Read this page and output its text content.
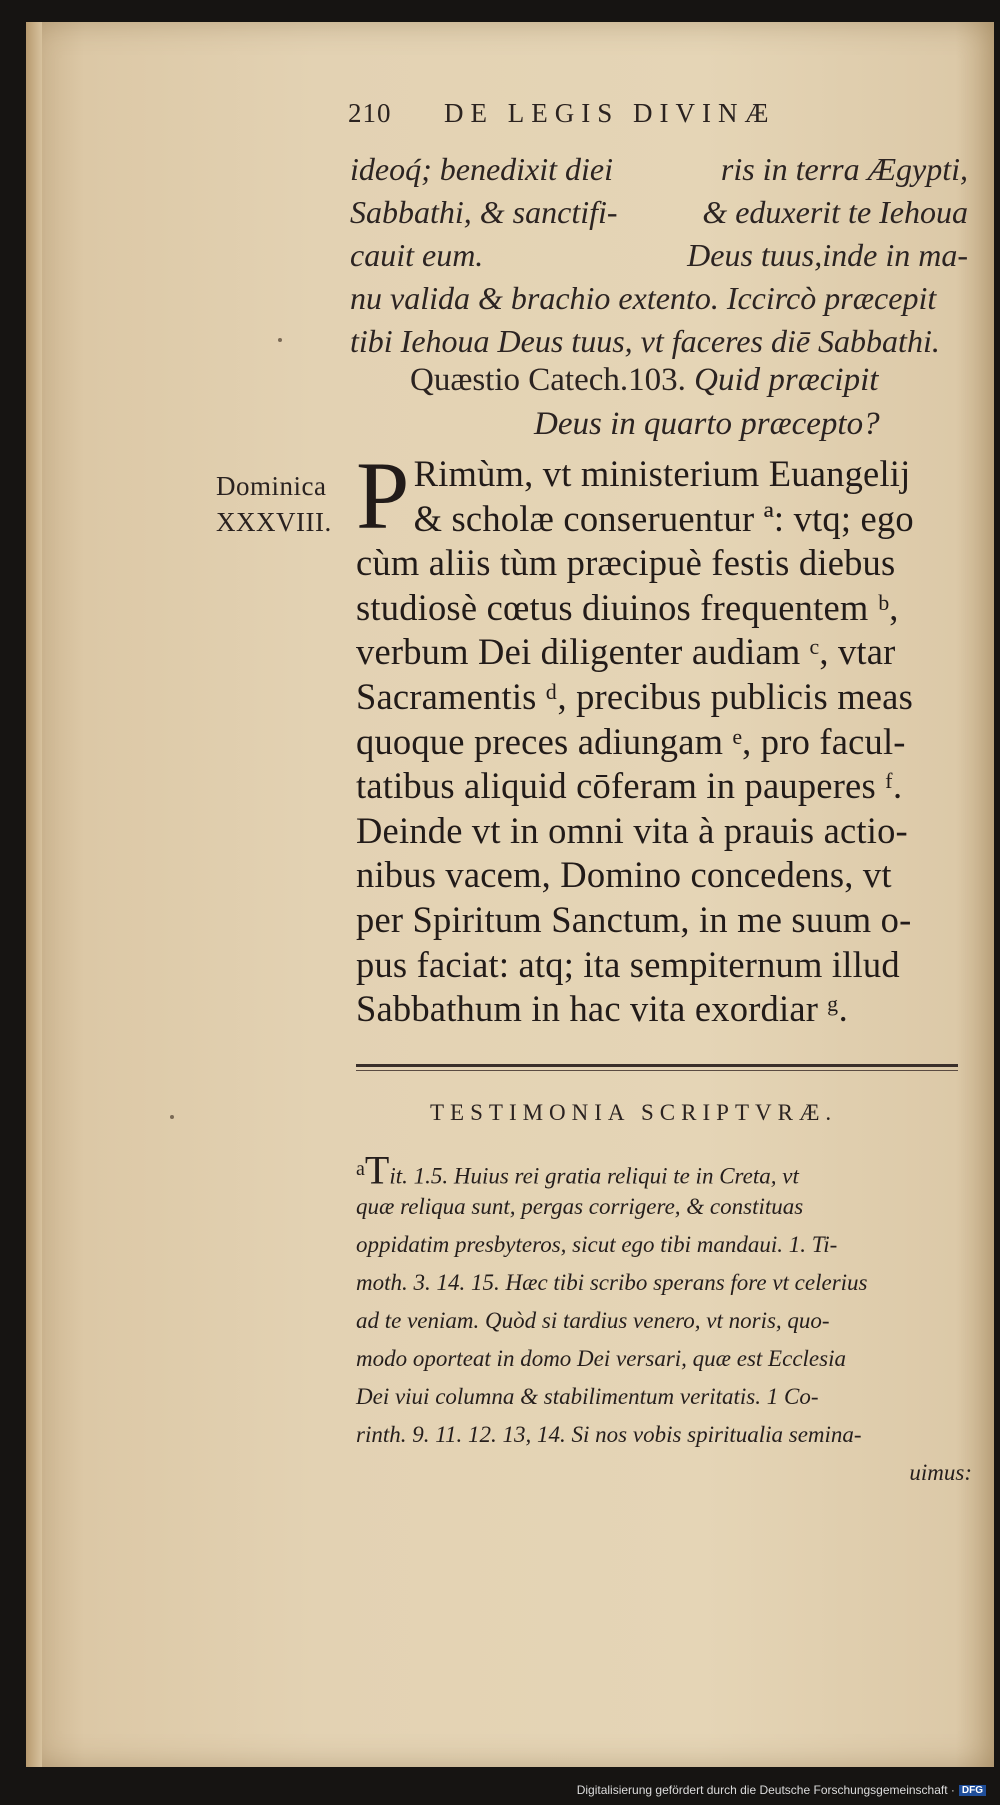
210 DE LEGIS DIVINÆ
ideoq́; benedixit diei	ris in terra Ægypti,
Sabbathi, & sanctifi-	& eduxerit te Iehoua
cauit eum.	Deus tuus,inde in ma-
nu valida & brachio extento. Iccircò præcepit
tibi Iehoua Deus tuus, vt faceres diē Sabbathi.
Quæstio Catech.103. Quid præcipit
Deus in quarto præcepto?
Dominica
XXXVIII. P Rimùm, vt ministerium Euangelij
& scholæ conseruentur ª: vtq; ego
cùm aliis tùm præcipuè festis diebus
studiosè cœtus diuinos frequentem ᵇ,
verbum Dei diligenter audiam ᶜ, vtar
Sacramentis ᵈ, precibus publicis meas
quoque preces adiungam ᵉ, pro facul-
tatibus aliquid cōferam in pauperes ᶠ.
Deinde vt in omni vita à prauis actio-
nibus vacem, Domino concedens, vt
per Spiritum Sanctum, in me suum o-
pus faciat: atq; ita sempiternum illud
Sabbathum in hac vita exordiar ᵍ.
TESTIMONIA SCRIPTVRÆ.
aTit. 1.5. Huius rei gratia reliqui te in Creta, vt
quæ reliqua sunt, pergas corrigere, & constituas
oppidatim presbyteros, sicut ego tibi mandaui. 1. Ti-
moth. 3. 14. 15. Hæc tibi scribo sperans fore vt celerius
ad te veniam. Quòd si tardius venero, vt noris, quo-
modo oporteat in domo Dei versari, quæ est Ecclesia
Dei viui columna & stabilimentum veritatis. 1 Co-
rinth. 9. 11. 12. 13, 14. Si nos vobis spiritualia semina-
uimus:
Digitalisierung gefördert durch die Deutsche Forschungsgemeinschaft · DFG
